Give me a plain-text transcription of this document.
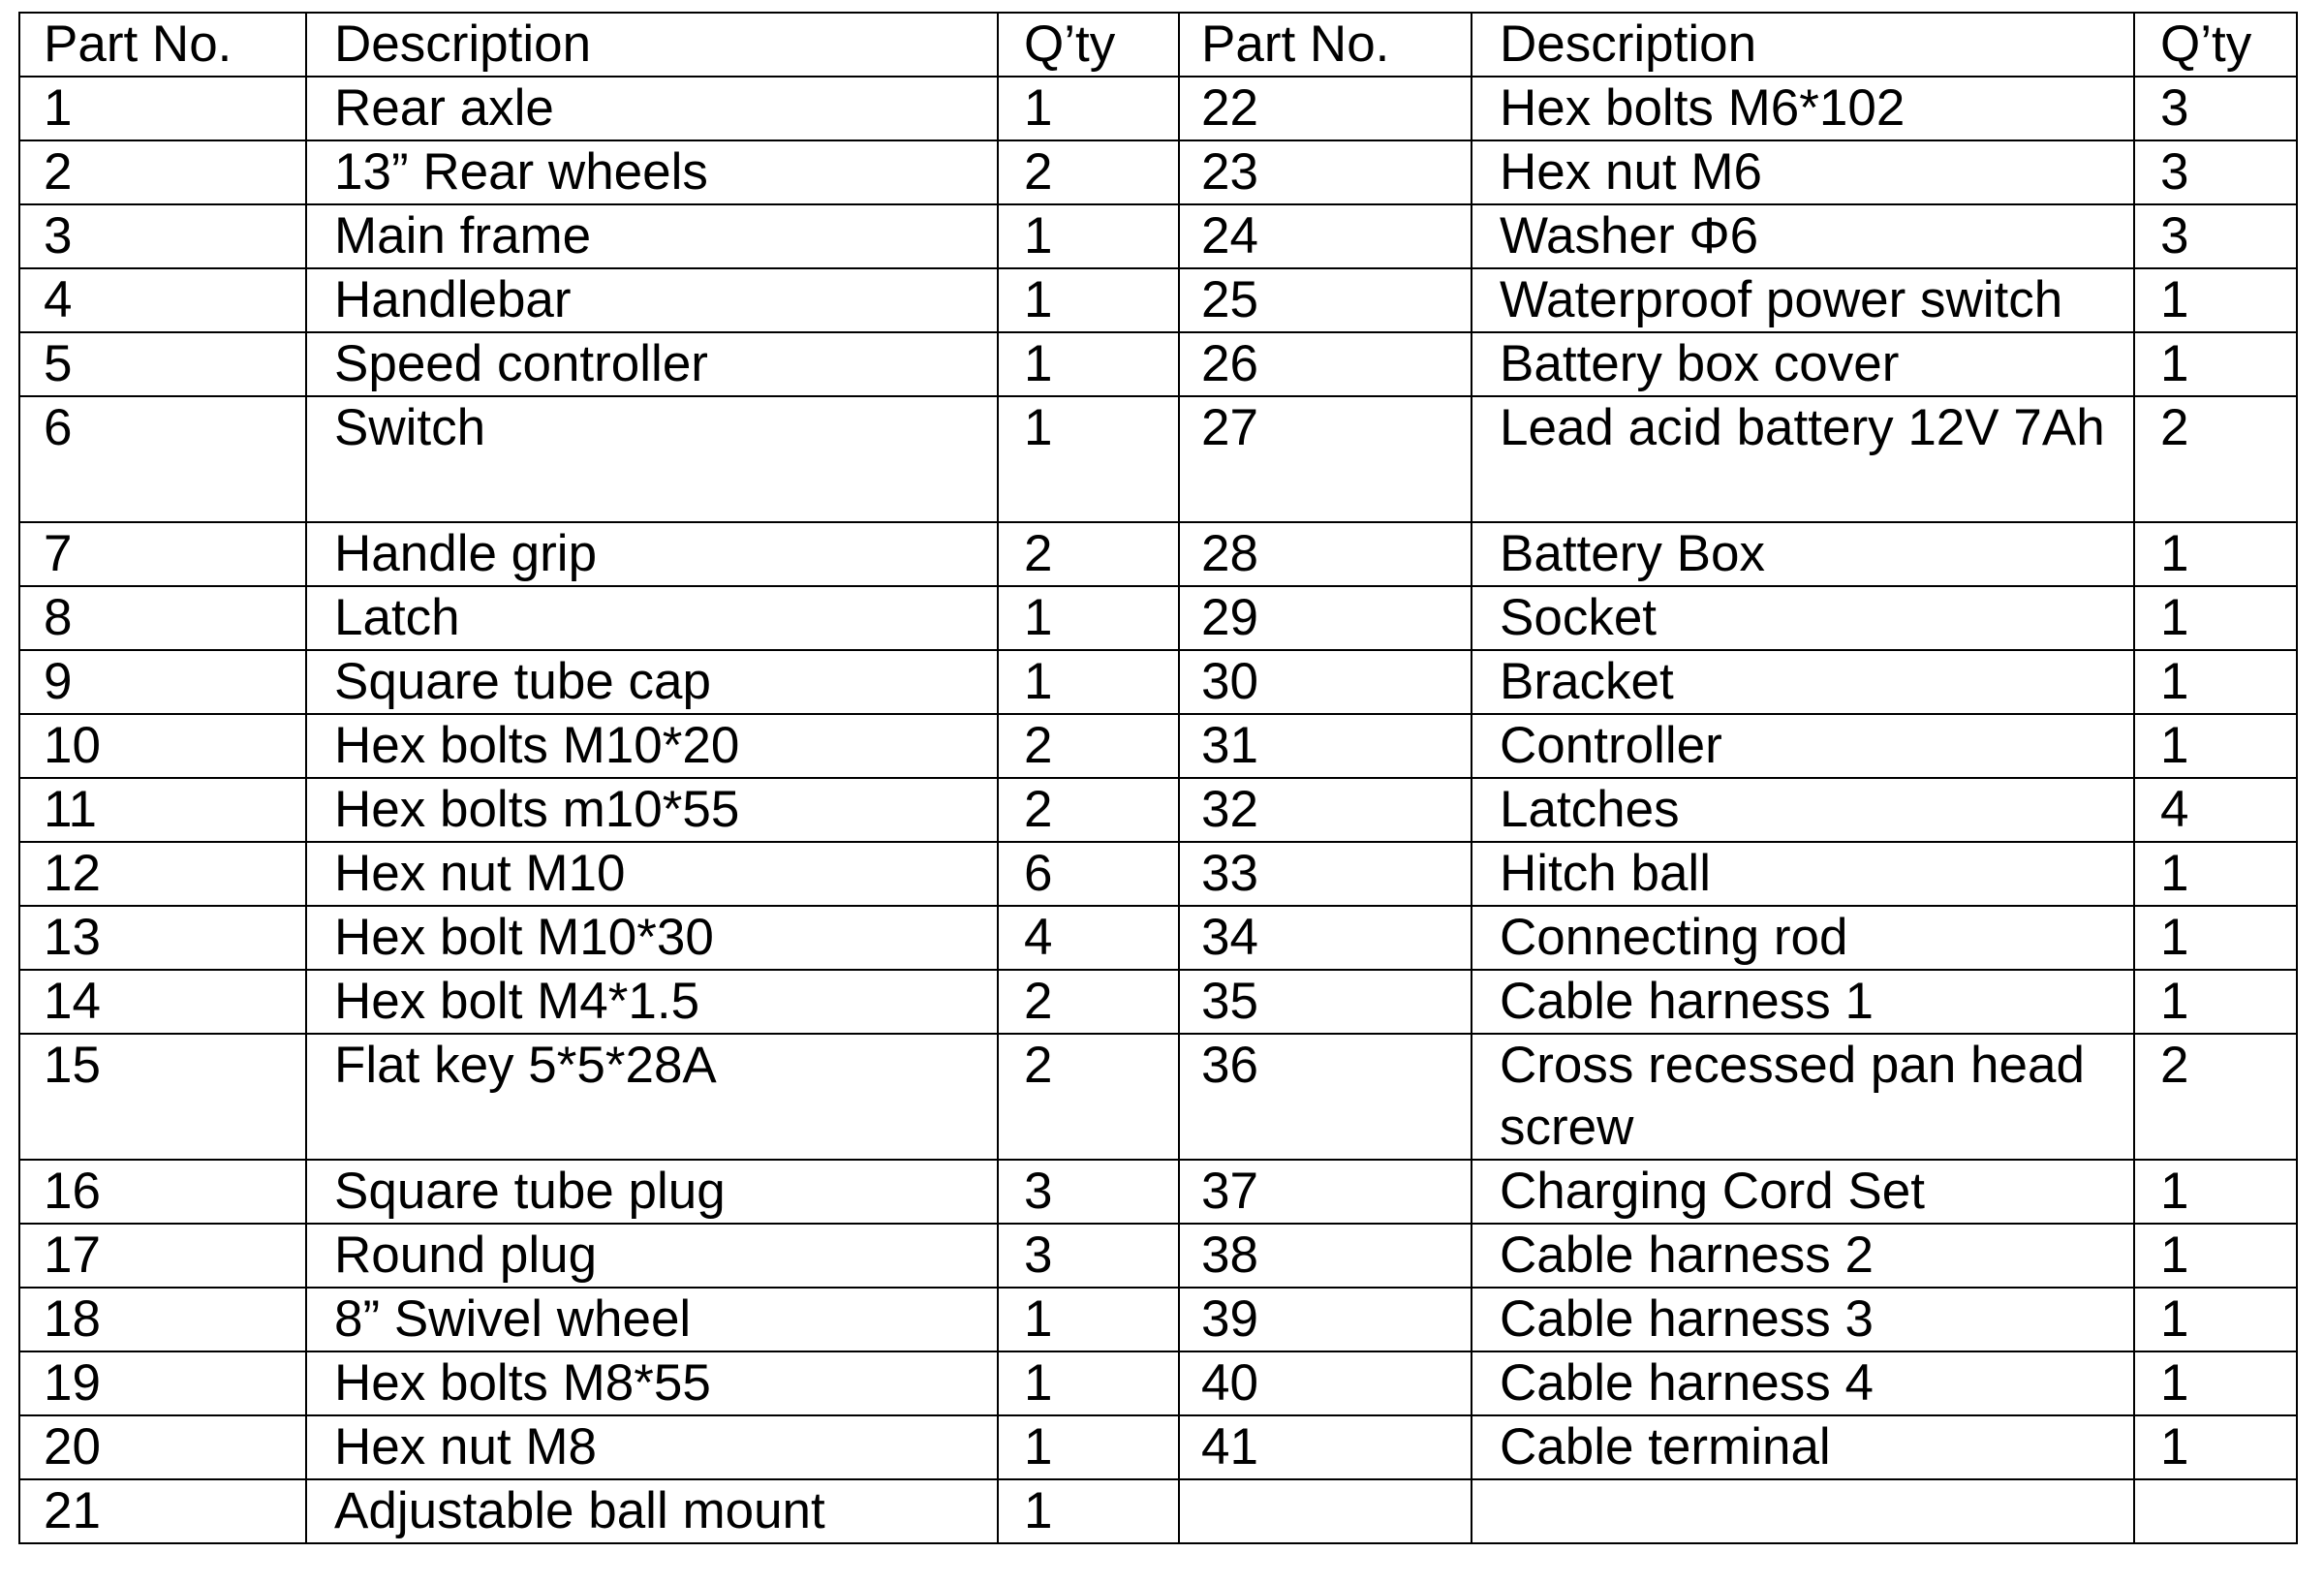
Part No.	Description	Q’ty	Part No.	Description	Q’ty
1	Rear axle	1	22	Hex bolts M6*102	3
2	13” Rear wheels	2	23	Hex nut M6	3
3	Main frame	1	24	Washer Φ6	3
4	Handlebar	1	25	Waterproof power switch	1
5	Speed controller	1	26	Battery box cover	1
6	Switch	1	27	Lead acid battery 12V 7Ah	2
7	Handle grip	2	28	Battery Box	1
8	Latch	1	29	Socket	1
9	Square tube cap	1	30	Bracket	1
10	Hex bolts M10*20	2	31	Controller	1
11	Hex bolts m10*55	2	32	Latches	4
12	Hex nut M10	6	33	Hitch ball	1
13	Hex bolt M10*30	4	34	Connecting rod	1
14	Hex bolt M4*1.5	2	35	Cable harness 1	1
15	Flat key 5*5*28A	2	36	Cross recessed pan head screw	2
16	Square tube plug	3	37	Charging Cord Set	1
17	Round plug	3	38	Cable harness 2	1
18	8” Swivel wheel	1	39	Cable harness 3	1
19	Hex bolts M8*55	1	40	Cable harness 4	1
20	Hex nut M8	1	41	Cable terminal	1
21	Adjustable ball mount	1			
